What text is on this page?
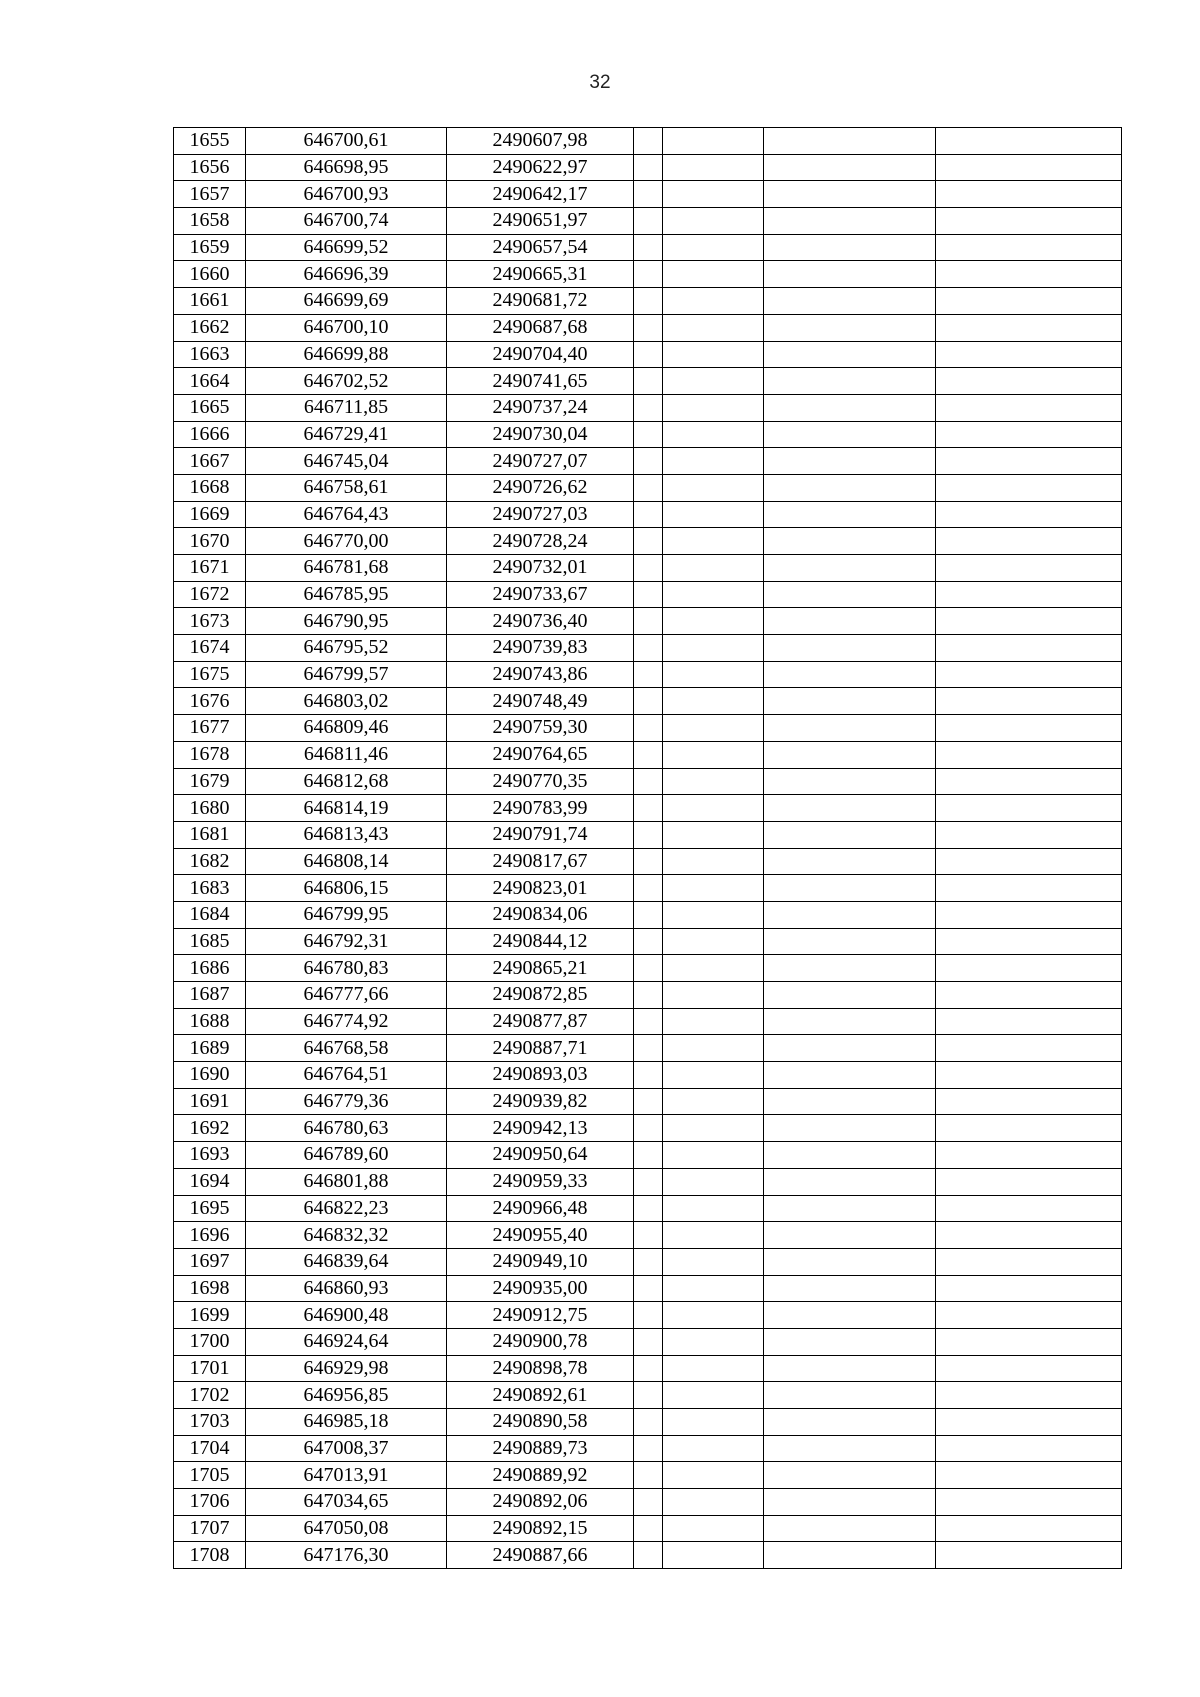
32
1655	646700,61	2490607,98				
1656	646698,95	2490622,97				
1657	646700,93	2490642,17				
1658	646700,74	2490651,97				
1659	646699,52	2490657,54				
1660	646696,39	2490665,31				
1661	646699,69	2490681,72				
1662	646700,10	2490687,68				
1663	646699,88	2490704,40				
1664	646702,52	2490741,65				
1665	646711,85	2490737,24				
1666	646729,41	2490730,04				
1667	646745,04	2490727,07				
1668	646758,61	2490726,62				
1669	646764,43	2490727,03				
1670	646770,00	2490728,24				
1671	646781,68	2490732,01				
1672	646785,95	2490733,67				
1673	646790,95	2490736,40				
1674	646795,52	2490739,83				
1675	646799,57	2490743,86				
1676	646803,02	2490748,49				
1677	646809,46	2490759,30				
1678	646811,46	2490764,65				
1679	646812,68	2490770,35				
1680	646814,19	2490783,99				
1681	646813,43	2490791,74				
1682	646808,14	2490817,67				
1683	646806,15	2490823,01				
1684	646799,95	2490834,06				
1685	646792,31	2490844,12				
1686	646780,83	2490865,21				
1687	646777,66	2490872,85				
1688	646774,92	2490877,87				
1689	646768,58	2490887,71				
1690	646764,51	2490893,03				
1691	646779,36	2490939,82				
1692	646780,63	2490942,13				
1693	646789,60	2490950,64				
1694	646801,88	2490959,33				
1695	646822,23	2490966,48				
1696	646832,32	2490955,40				
1697	646839,64	2490949,10				
1698	646860,93	2490935,00				
1699	646900,48	2490912,75				
1700	646924,64	2490900,78				
1701	646929,98	2490898,78				
1702	646956,85	2490892,61				
1703	646985,18	2490890,58				
1704	647008,37	2490889,73				
1705	647013,91	2490889,92				
1706	647034,65	2490892,06				
1707	647050,08	2490892,15				
1708	647176,30	2490887,66				
